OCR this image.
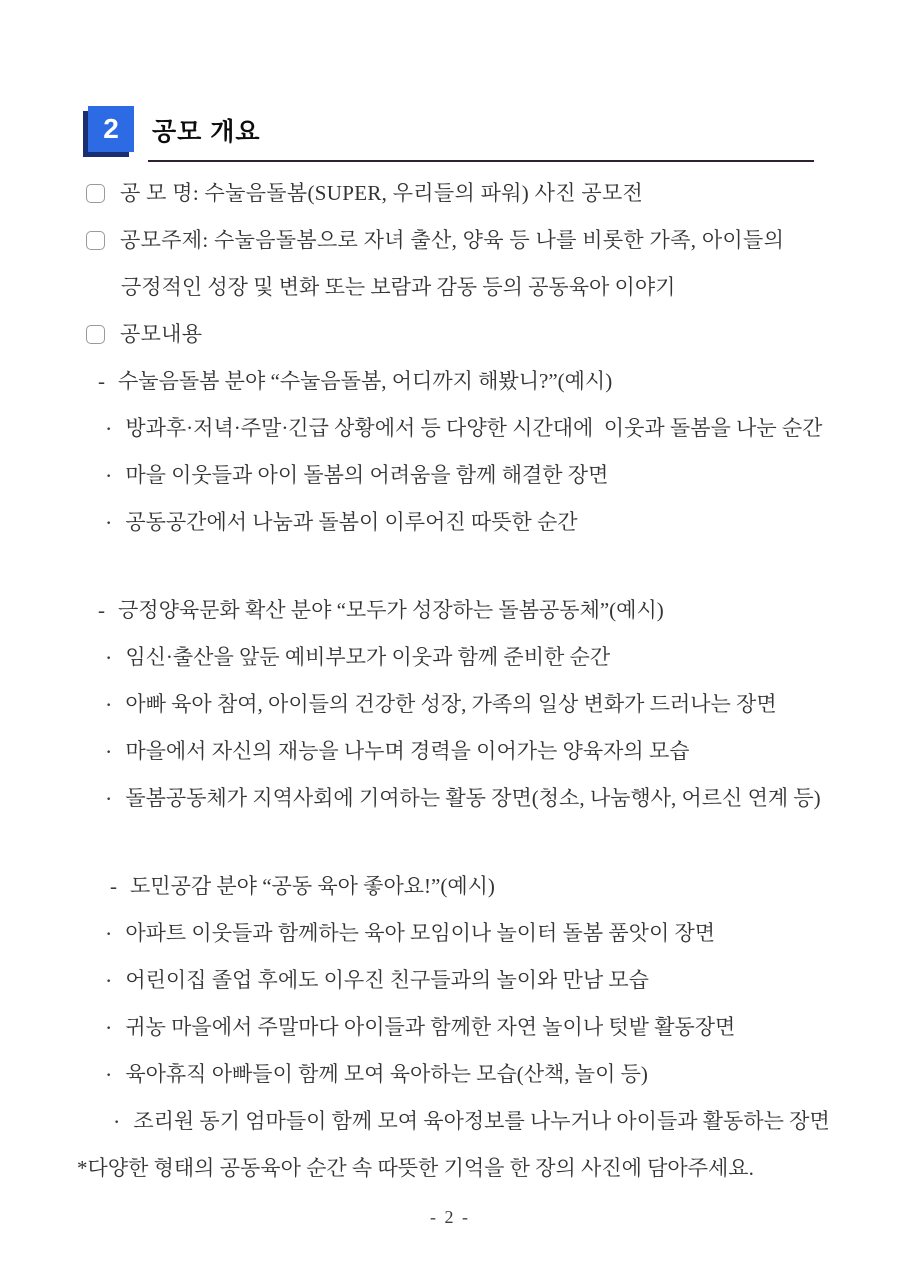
2	공모 개요
공 모 명: 수눌음돌봄(SUPER, 우리들의 파워) 사진 공모전
공모주제: 수눌음돌봄으로 자녀 출산, 양육 등 나를 비롯한 가족, 아이들의
긍정적인 성장 및 변화 또는 보람과 감동 등의 공동육아 이야기
공모내용
- 수눌음돌봄 분야 “수눌음돌봄, 어디까지 해봤니?”(예시)
· 방과후·저녁·주말·긴급 상황에서 등 다양한 시간대에  이웃과 돌봄을 나눈 순간
· 마을 이웃들과 아이 돌봄의 어려움을 함께 해결한 장면
· 공동공간에서 나눔과 돌봄이 이루어진 따뜻한 순간
- 긍정양육문화 확산 분야 “모두가 성장하는 돌봄공동체”(예시)
· 임신·출산을 앞둔 예비부모가 이웃과 함께 준비한 순간
· 아빠 육아 참여, 아이들의 건강한 성장, 가족의 일상 변화가 드러나는 장면
· 마을에서 자신의 재능을 나누며 경력을 이어가는 양육자의 모습
· 돌봄공동체가 지역사회에 기여하는 활동 장면(청소, 나눔행사, 어르신 연계 등)
- 도민공감 분야 “공동 육아 좋아요!”(예시)
· 아파트 이웃들과 함께하는 육아 모임이나 놀이터 돌봄 품앗이 장면
· 어린이집 졸업 후에도 이우진 친구들과의 놀이와 만남 모습
· 귀농 마을에서 주말마다 아이들과 함께한 자연 놀이나 텃밭 활동장면
· 육아휴직 아빠들이 함께 모여 육아하는 모습(산책, 놀이 등)
· 조리원 동기 엄마들이 함께 모여 육아정보를 나누거나 아이들과 활동하는 장면
*다양한 형태의 공동육아 순간 속 따뜻한 기억을 한 장의 사진에 담아주세요.
- 2 -
